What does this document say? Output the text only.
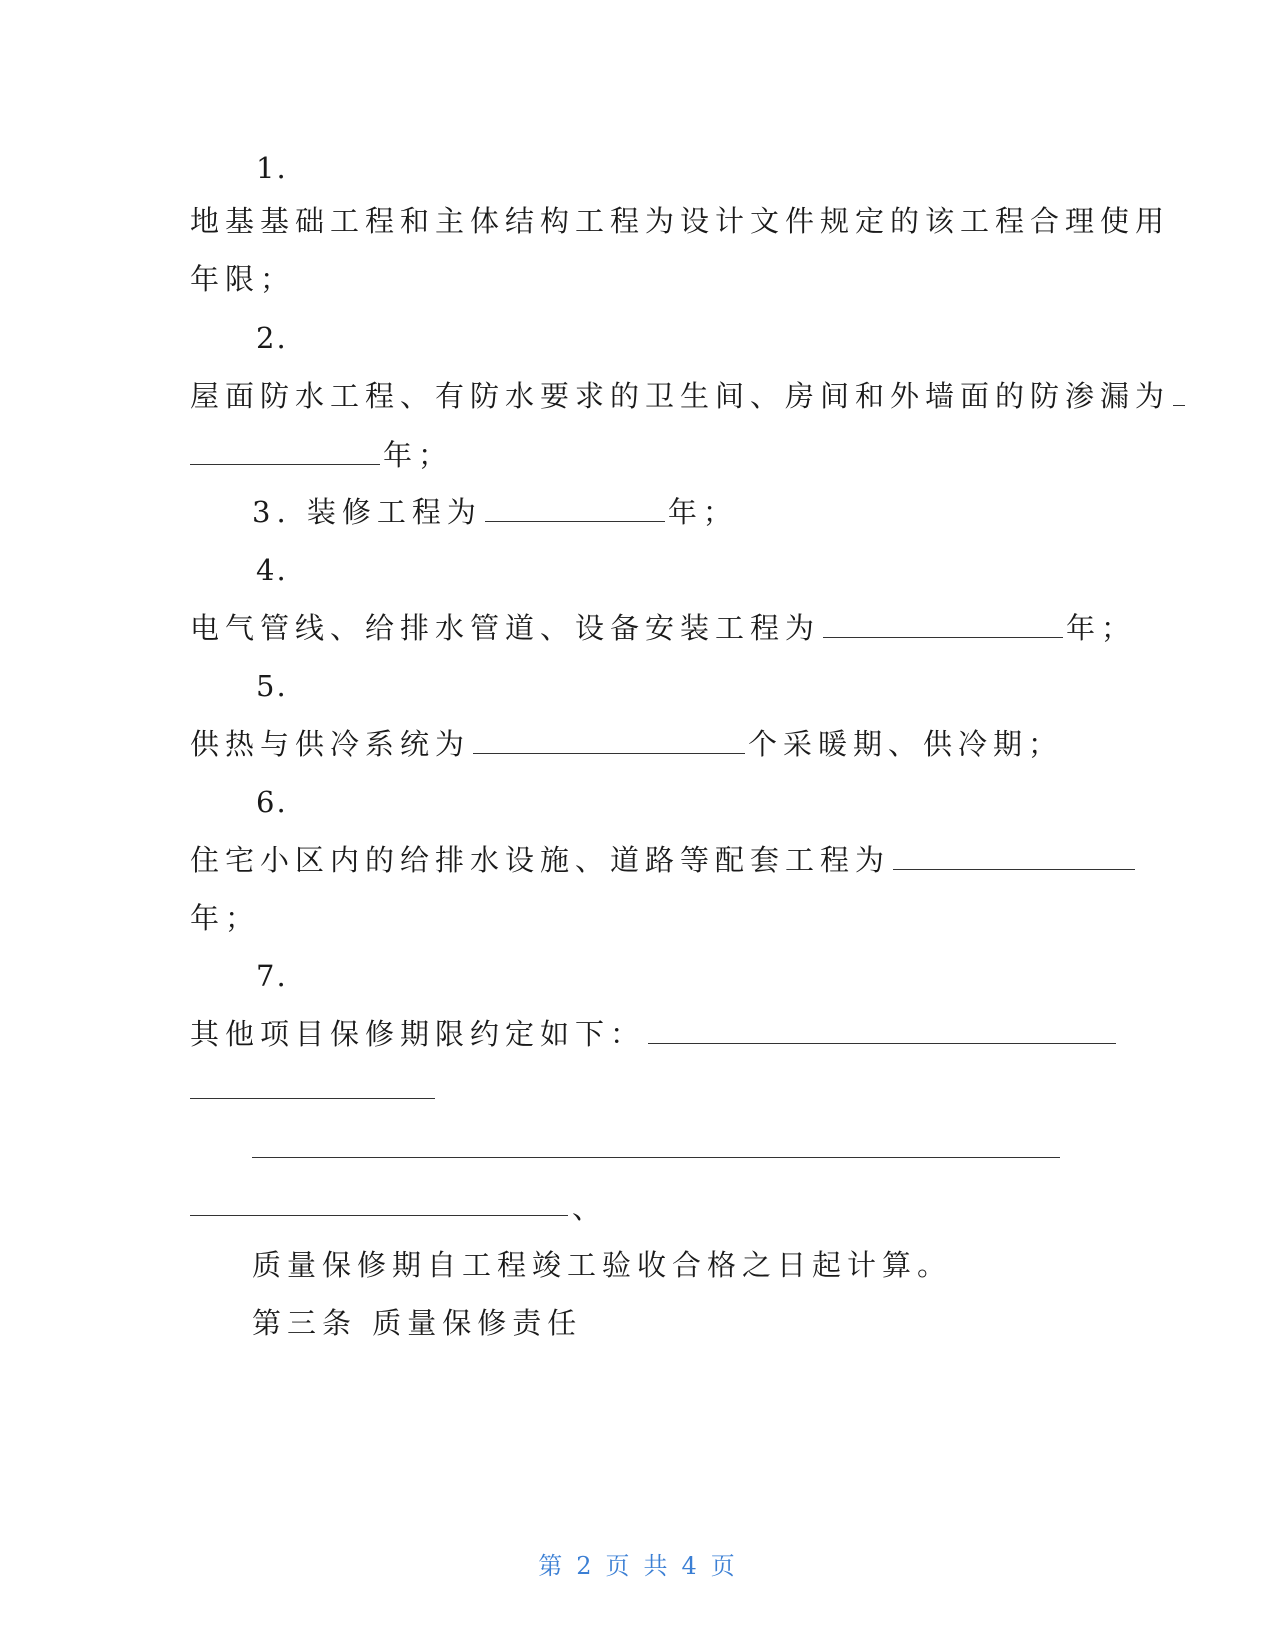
1.
地基基础工程和主体结构工程为设计文件规定的该工程合理使用
年限；
2.
屋面防水工程、有防水要求的卫生间、房间和外墙面的防渗漏为
年；
3. 装修工程为	年；
4.
电气管线、给排水管道、设备安装工程为	年；
5.
供热与供冷系统为	个采暖期、供冷期；
6.
住宅小区内的给排水设施、道路等配套工程为
年；
7.
其他项目保修期限约定如下：
、
质量保修期自工程竣工验收合格之日起计算。
第三条 质量保修责任
第 2 页 共 4 页
